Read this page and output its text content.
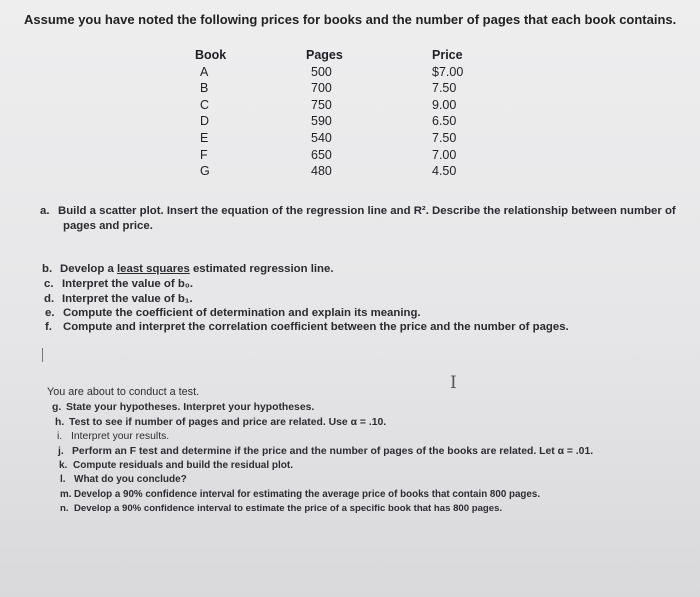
Assume you have noted the following prices for books and the number of pages that each book contains.
Book
A
B
C
D
E
F
G
Pages
500
700
750
590
540
650
480
Price
$7.00
7.50
9.00
6.50
7.50
7.00
4.50
a. Build a scatter plot. Insert the equation of the regression line and R². Describe the relationship between number of
pages and price.
b. Develop a least squares estimated regression line.
c. Interpret the value of b₀.
d. Interpret the value of b₁.
e. Compute the coefficient of determination and explain its meaning.
f. Compute and interpret the correlation coefficient between the price and the number of pages.
I
You are about to conduct a test.
g. State your hypotheses. Interpret your hypotheses.
h. Test to see if number of pages and price are related. Use α = .10.
i. Interpret your results.
j. Perform an F test and determine if the price and the number of pages of the books are related. Let α = .01.
k. Compute residuals and build the residual plot.
l. What do you conclude?
m. Develop a 90% confidence interval for estimating the average price of books that contain 800 pages.
n. Develop a 90% confidence interval to estimate the price of a specific book that has 800 pages.
